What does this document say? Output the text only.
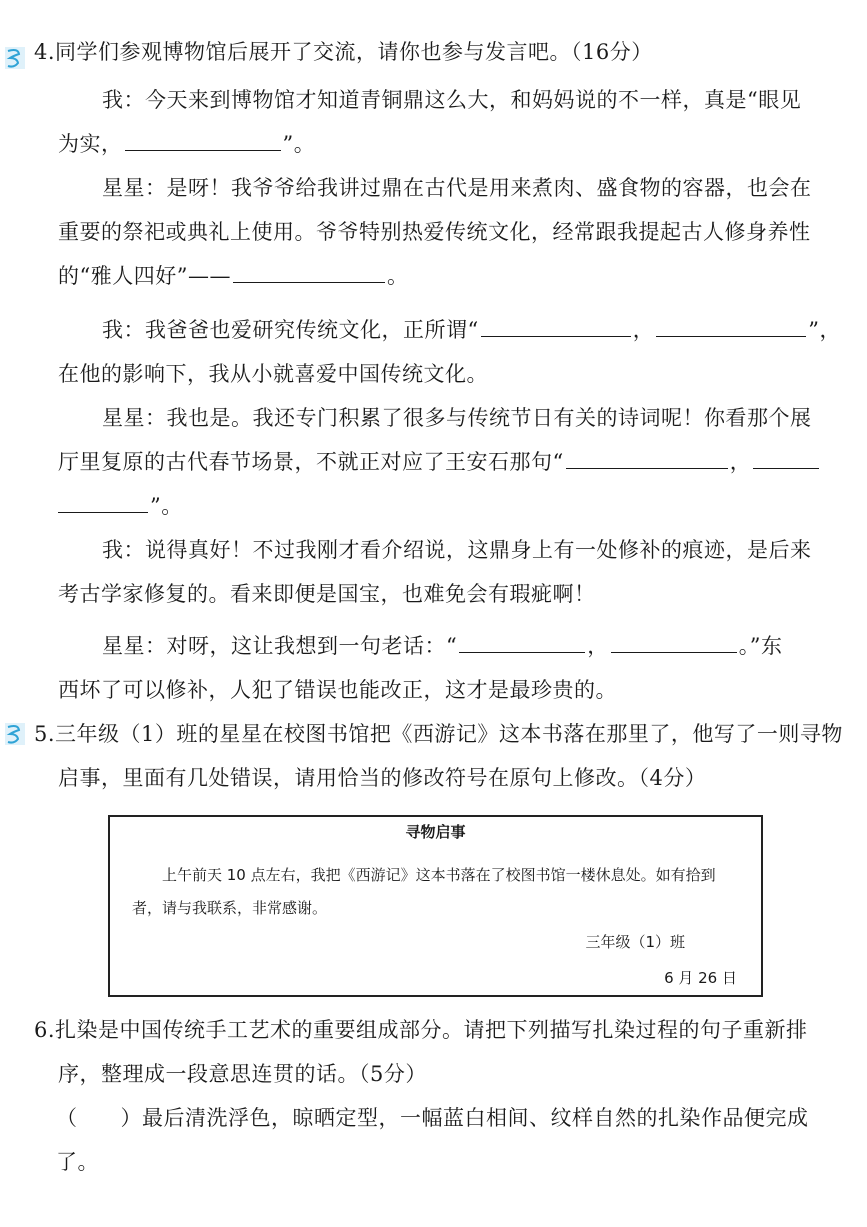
4.同学们参观博物馆后展开了交流，请你也参与发言吧。（16分）
我：今天来到博物馆才知道青铜鼎这么大，和妈妈说的不一样，真是“眼见
为实，	”。
星星：是呀！我爷爷给我讲过鼎在古代是用来煮肉、盛食物的容器，也会在
重要的祭祀或典礼上使用。爷爷特别热爱传统文化，经常跟我提起古人修身养性
的“雅人四好”——	。
我：我爸爸也爱研究传统文化，正所谓“	，	”，
在他的影响下，我从小就喜爱中国传统文化。
星星：我也是。我还专门积累了很多与传统节日有关的诗词呢！你看那个展
厅里复原的古代春节场景，不就正对应了王安石那句“	，
”。
我：说得真好！不过我刚才看介绍说，这鼎身上有一处修补的痕迹，是后来
考古学家修复的。看来即便是国宝，也难免会有瑕疵啊！
星星：对呀，这让我想到一句老话：“	，	。”东
西坏了可以修补，人犯了错误也能改正，这才是最珍贵的。
5.三年级（1）班的星星在校图书馆把《西游记》这本书落在那里了，他写了一则寻物
启事，里面有几处错误，请用恰当的修改符号在原句上修改。（4分）
寻物启事
上午前天 10 点左右，我把《西游记》这本书落在了校图书馆一楼休息处。如有拾到者，请与我联系，非常感谢。
三年级（1）班
6 月 26 日
6.扎染是中国传统手工艺术的重要组成部分。请把下列描写扎染过程的句子重新排
序，整理成一段意思连贯的话。（5分）
（　　）最后清洗浮色，晾晒定型，一幅蓝白相间、纹样自然的扎染作品便完成
了。
